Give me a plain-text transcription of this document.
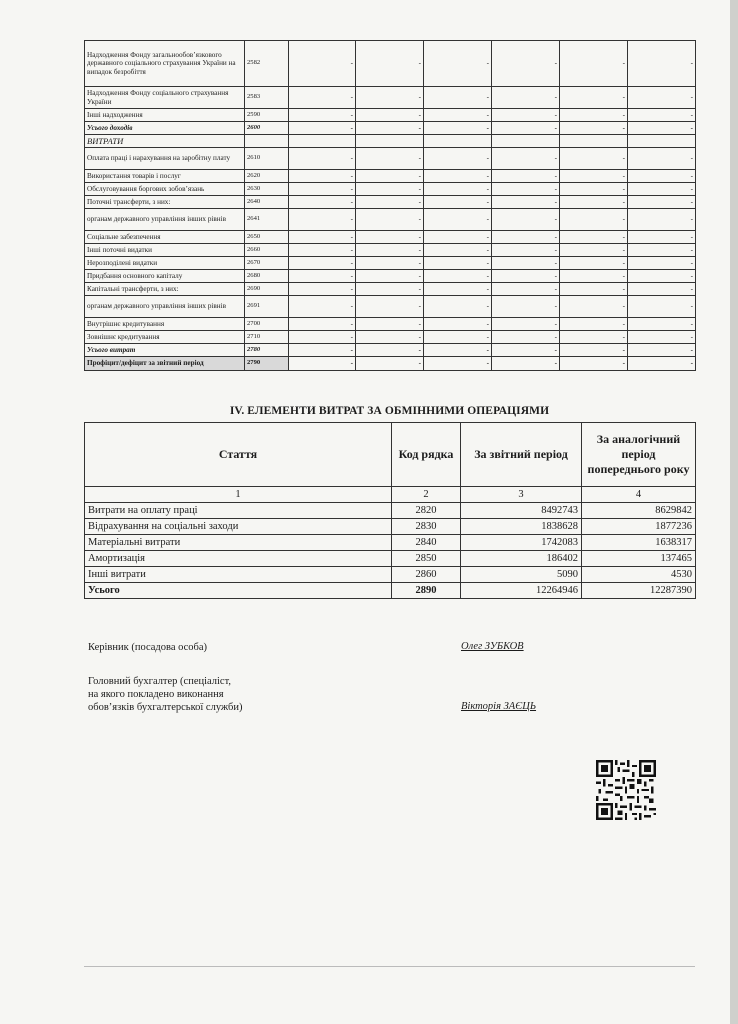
Надходження Фонду загальнообов’язкового державного соціального страхування України на випадок безробіття	2582	-	-	-	-	-	-
Надходження Фонду соціального страхування України	2583	-	-	-	-	-	-
Інші надходження	2590	-	-	-	-	-	-
Усього доходів	2600	-	-	-	-	-	-
ВИТРАТИ							
Оплата праці і нарахування на заробітну плату	2610	-	-	-	-	-	-
Використання товарів і послуг	2620	-	-	-	-	-	-
Обслуговування боргових зобов’язань	2630	-	-	-	-	-	-
Поточні трансферти, з них:	2640	-	-	-	-	-	-
органам державного управління інших рівнів	2641	-	-	-	-	-	-
Соціальне забезпечення	2650	-	-	-	-	-	-
Інші поточні видатки	2660	-	-	-	-	-	-
Нерозподілені видатки	2670	-	-	-	-	-	-
Придбання основного капіталу	2680	-	-	-	-	-	-
Капітальні трансферти, з них:	2690	-	-	-	-	-	-
органам державного управління інших рівнів	2691	-	-	-	-	-	-
Внутрішнє кредитування	2700	-	-	-	-	-	-
Зовнішнє кредитування	2710	-	-	-	-	-	-
Усього витрат	2780	-	-	-	-	-	-
Профіцит/дефіцит за звітний період	2790	-	-	-	-	-	-
IV. ЕЛЕМЕНТИ ВИТРАТ ЗА ОБМІННИМИ ОПЕРАЦІЯМИ
Стаття	Код рядка	За звітний період	За аналогічний період попереднього року
1	2	3	4
Витрати на оплату праці	2820	8492743	8629842
Відрахування на соціальні заходи	2830	1838628	1877236
Матеріальні витрати	2840	1742083	1638317
Амортизація	2850	186402	137465
Інші витрати	2860	5090	4530
Усього	2890	12264946	12287390
Керівник (посадова особа)	Олег ЗУБКОВ
Головний бухгалтер (спеціаліст,
на якого покладено виконання
обов’язків бухгалтерської служби)	Вікторія ЗАЄЦЬ
